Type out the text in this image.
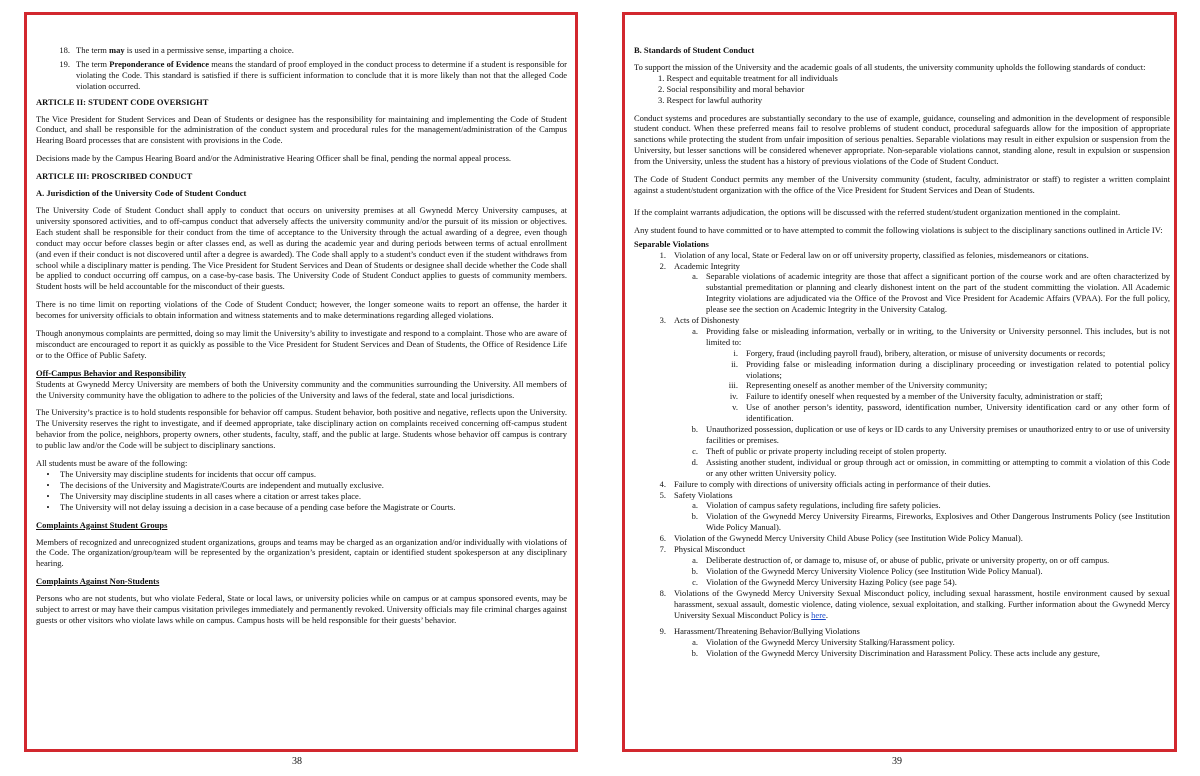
18. The term may is used in a permissive sense, imparting a choice.
19. The term Preponderance of Evidence means the standard of proof employed in the conduct process to determine if a student is responsible for violating the Code. This standard is satisfied if there is sufficient information to conclude that it is more likely than not that the alleged Code violation occurred.
ARTICLE II: STUDENT CODE OVERSIGHT

The Vice President for Student Services and Dean of Students or designee has the responsibility for maintaining and implementing the Code of Student Conduct, and shall be responsible for the administration of the conduct system and procedural rules for the management/administration of the Campus Hearing Board processes that are consistent with provisions in the Code.

Decisions made by the Campus Hearing Board and/or the Administrative Hearing Officer shall be final, pending the normal appeal process.

ARTICLE III: PROSCRIBED CONDUCT
A. Jurisdiction of the University Code of Student Conduct

The University Code of Student Conduct shall apply to conduct that occurs on university premises at all Gwynedd Mercy University campuses, at university sponsored activities, and to off-campus conduct that adversely affects the university community and/or the pursuit of its mission or objectives. Each student shall be responsible for their conduct from the time of acceptance to the University through the actual awarding of a degree, even though conduct may occur before classes begin or after classes end, as well as during the academic year and during periods between terms of actual enrollment (and even if their conduct is not discovered until after a degree is awarded). The Code shall apply to a student’s conduct even if the student withdraws from school while a disciplinary matter is pending. The Vice President for Student Services and Dean of Students or designee shall decide whether the Code shall be applied to conduct occurring off campus, on a case-by-case basis. The University Code of Student Conduct applies to guests of community members. Student hosts will be held accountable for the misconduct of their guests.

There is no time limit on reporting violations of the Code of Student Conduct; however, the longer someone waits to report an offense, the harder it becomes for university officials to obtain information and witness statements and to make determinations regarding alleged violations.

Though anonymous complaints are permitted, doing so may limit the University’s ability to investigate and respond to a complaint. Those who are aware of misconduct are encouraged to report it as quickly as possible to the Vice President for Student Services and Dean of Students, the Office of Residence Life or to the Office of Public Safety.

Off-Campus Behavior and Responsibility

Students at Gwynedd Mercy University are members of both the University community and the communities surrounding the University. All members of the University community have the obligation to adhere to the policies of the University and laws of the federal, state and local jurisdictions.

The University’s practice is to hold students responsible for behavior off campus. Student behavior, both positive and negative, reflects upon the University. The University reserves the right to investigate, and if deemed appropriate, take disciplinary action on complaints received concerning off-campus student behavior from the police, neighbors, property owners, other students, faculty, staff, and the public at large. Students whose behavior off campus is contrary to public law and/or the Code will be subject to disciplinary sanctions.

All students must be aware of the following:

•	The University may discipline students for incidents that occur off campus.
•	The decisions of the University and Magistrate/Courts are independent and mutually exclusive.
•	The University may discipline students in all cases where a citation or arrest takes place.
•	The University will not delay issuing a decision in a case because of a pending case before the Magistrate or Courts.
Complaints Against Student Groups

Members of recognized and unrecognized student organizations, groups and teams may be charged as an organization and/or individually with violations of the Code. The organization/group/team will be represented by the organization’s president, captain or identified student spokesperson at any disciplinary hearing.

Complaints Against Non-Students

Persons who are not students, but who violate Federal, State or local laws, or university policies while on campus or at campus sponsored events, may be subject to arrest or may have their campus visitation privileges immediately and permanently revoked. University officials may file criminal charges against guests or other visitors who violate laws while on campus. Campus hosts will be held responsible for their guests’ behavior.

38
B. Standards of Student Conduct

To support the mission of the University and the academic goals of all students, the university community upholds the following standards of conduct:

1. Respect and equitable treatment for all individuals
2. Social responsibility and moral behavior
3. Respect for lawful authority

Conduct systems and procedures are substantially secondary to the use of example, guidance, counseling and admonition in the development of responsible student conduct. When these preferred means fail to resolve problems of student conduct, procedural safeguards allow for the imposition of appropriate sanctions while protecting the student from unfair imposition of serious penalties. Separable violations may result in either expulsion or suspension from the University, but lesser sanctions will be considered whenever appropriate. Non-separable violations cannot, standing alone, result in expulsion or suspension from the University, unless the student has a history of previous violations of the Code of Student Conduct.

The Code of Student Conduct permits any member of the University community (student, faculty, administrator or staff) to register a written complaint against a student/student organization with the office of the Vice President for Student Services and Dean of Students.

If the complaint warrants adjudication, the options will be discussed with the referred student/student organization mentioned in the complaint.

Any student found to have committed or to have attempted to commit the following violations is subject to the disciplinary sanctions outlined in Article IV:

Separable Violations
1. Violation of any local, State or Federal law on or off university property, classified as felonies, misdemeanors or citations.
2. Academic Integrity
a. Separable violations of academic integrity are those that affect a significant portion of the course work and are often characterized by substantial premeditation or planning and clearly dishonest intent on the part of the student committing the violation. All Academic Integrity violations are adjudicated via the Office of the Provost and Vice President for Academic Affairs (VPAA). For the full policy, please see the section on Academic Integrity in the University Catalog.
3. Acts of Dishonesty
a. Providing false or misleading information, verbally or in writing, to the University or University personnel. This includes, but is not limited to:
i. Forgery, fraud (including payroll fraud), bribery, alteration, or misuse of university documents or records;
ii. Providing false or misleading information during a disciplinary proceeding or investigation related to potential policy violations;
iii. Representing oneself as another member of the University community;
iv. Failure to identify oneself when requested by a member of the University faculty, administration or staff;
v. Use of another person’s identity, password, identification number, University identification card or any other form of identification.
b. Unauthorized possession, duplication or use of keys or ID cards to any University premises or unauthorized entry to or use of university facilities or premises.
c. Theft of public or private property including receipt of stolen property.
d. Assisting another student, individual or group through act or omission, in committing or attempting to commit a violation of this Code or any other written University policy.
4. Failure to comply with directions of university officials acting in performance of their duties.
5. Safety Violations
a. Violation of campus safety regulations, including fire safety policies.
b. Violation of the Gwynedd Mercy University Firearms, Fireworks, Explosives and Other Dangerous Instruments Policy (see Institution Wide Policy Manual).
6. Violation of the Gwynedd Mercy University Child Abuse Policy (see Institution Wide Policy Manual).
7. Physical Misconduct
a. Deliberate destruction of, or damage to, misuse of, or abuse of public, private or university property, on or off campus.
b. Violation of the Gwynedd Mercy University Violence Policy (see Institution Wide Policy Manual).
c. Violation of the Gwynedd Mercy University Hazing Policy (see page 54).
8. Violations of the Gwynedd Mercy University Sexual Misconduct policy, including sexual harassment, hostile environment caused by sexual harassment, sexual assault, domestic violence, dating violence, sexual exploitation, and stalking. Further information about the Gwynedd Mercy University Sexual Misconduct Policy is here.
9. Harassment/Threatening Behavior/Bullying Violations
a. Violation of the Gwynedd Mercy University Stalking/Harassment policy.
b. Violation of the Gwynedd Mercy University Discrimination and Harassment Policy. These acts include any gesture,
39
